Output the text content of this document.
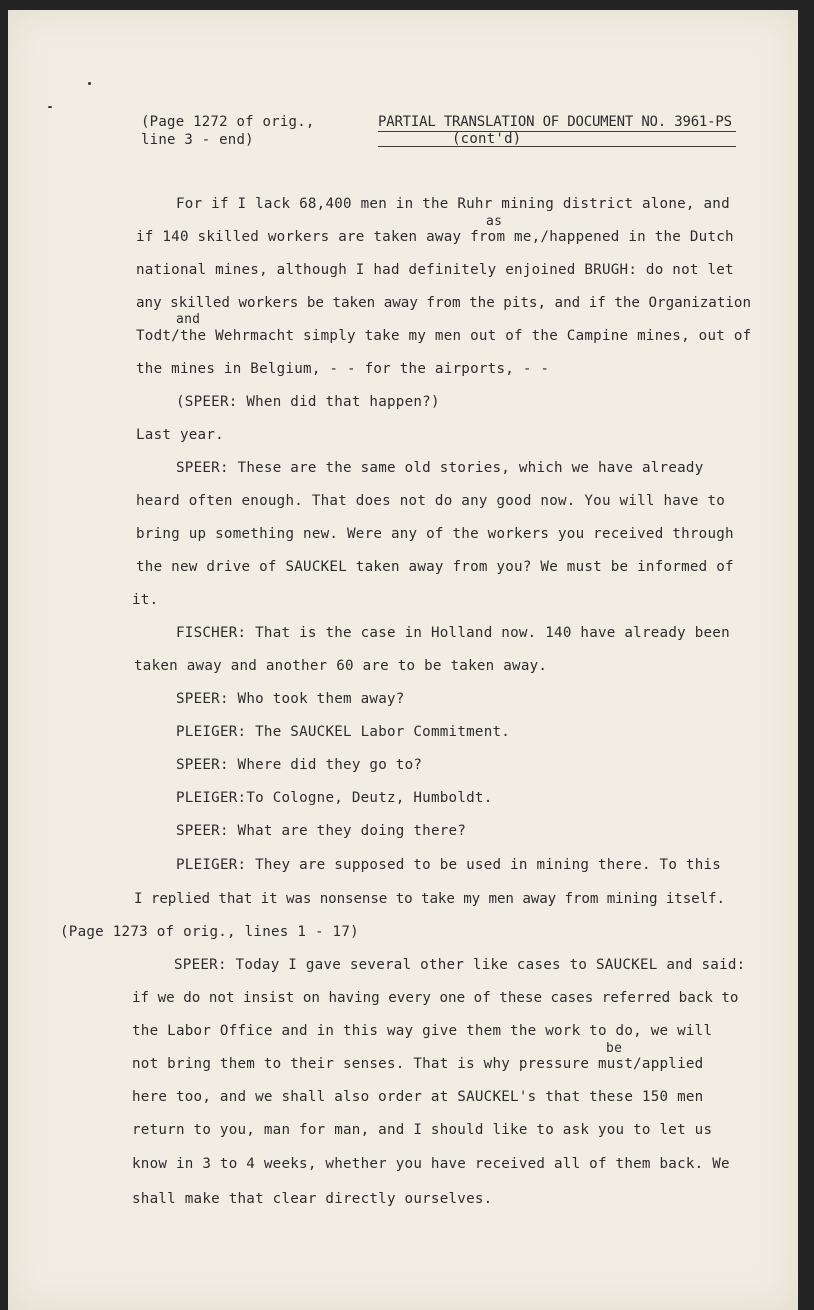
(Page 1272 of orig.,
line 3 - end)
PARTIAL TRANSLATION OF DOCUMENT NO. 3961-PS
(cont'd)
For if I lack 68,400 men in the Ruhr mining district alone, and
as
if 140 skilled workers are taken away from me,/happened in the Dutch
national mines, although I had definitely enjoined BRUGH: do not let
any skilled workers be taken away from the pits, and if the Organization
and
Todt/the Wehrmacht simply take my men out of the Campine mines, out of
the mines in Belgium, - - for the airports, - -
(SPEER: When did that happen?)
Last year.
SPEER: These are the same old stories, which we have already
heard often enough. That does not do any good now. You will have to
bring up something new. Were any of the workers you received through
the new drive of SAUCKEL taken away from you? We must be informed of
it.
FISCHER: That is the case in Holland now. 140 have already been
taken away and another 60 are to be taken away.
SPEER: Who took them away?
PLEIGER: The SAUCKEL Labor Commitment.
SPEER: Where did they go to?
PLEIGER:To Cologne, Deutz, Humboldt.
SPEER: What are they doing there?
PLEIGER: They are supposed to be used in mining there. To this
I replied that it was nonsense to take my men away from mining itself.
(Page 1273 of orig., lines 1 - 17)
SPEER: Today I gave several other like cases to SAUCKEL and said:
if we do not insist on having every one of these cases referred back to
the Labor Office and in this way give them the work to do, we will
be
not bring them to their senses. That is why pressure must/applied
here too, and we shall also order at SAUCKEL's that these 150 men
return to you, man for man, and I should like to ask you to let us
know in 3 to 4 weeks, whether you have received all of them back. We
shall make that clear directly ourselves.
